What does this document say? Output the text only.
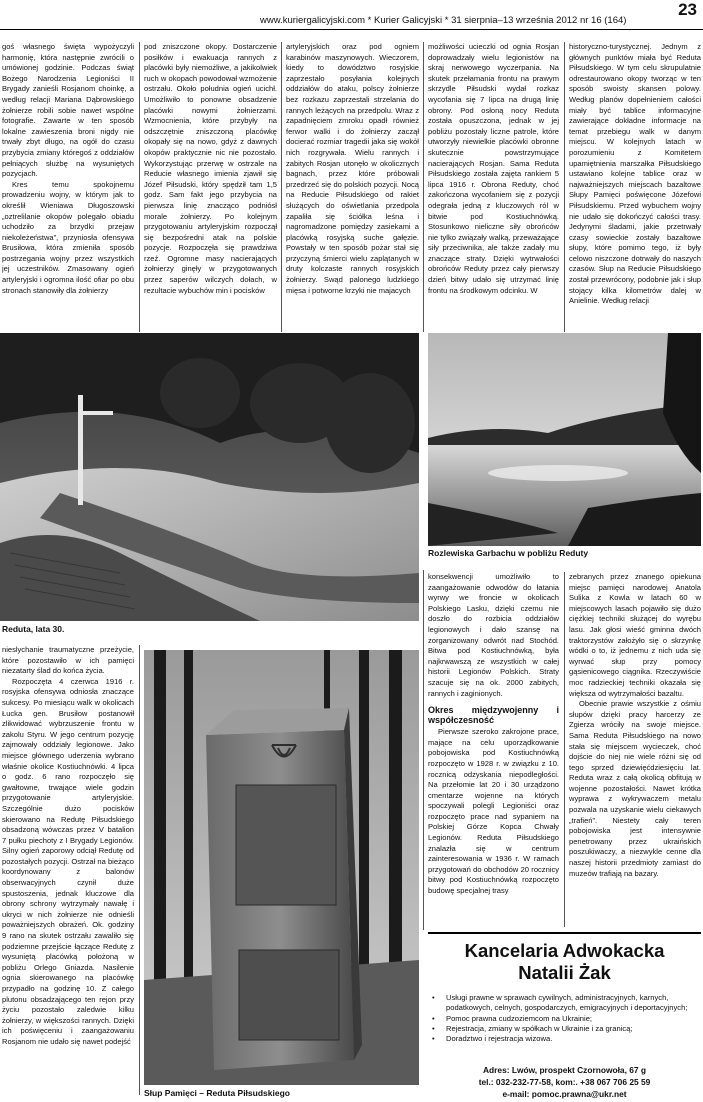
23
www.kuriergalicyjski.com * Kurier Galicyjski * 31 sierpnia–13 września 2012 nr 16 (164)

goś własnego święta wypożyczyli harmonię, która następnie zwrócili o umówionej godzinie. Podczas świąt Bożego Narodzenia Legioniści II Brygady zanieśli Rosjanom choinkę, a według relacji Mariana Dąbrowskiego żołnierze robili sobie nawet wspólne fotografie. Zawarte w ten sposób lokalne zawieszenia broni nigdy nie trwały zbyt długo, na ogół do czasu przybycia zmiany któregoś z oddziałów pełniących służbę na wysuniętych pozycjach.

Kres temu spokojnemu prowadzeniu wojny, w którym jak to określił Wieniawa Długoszowski „oztrelilanie okopów polegało obiadu uchodziło za brzydki przejaw niekoleżeństwa”, przyniosła ofensywa Brusiłowa, która zmieniła sposób postrzegania wojny przez wszystkich jej uczestników. Zmasowany ogień artyleryjski i ogromna ilość ofiar po obu stronach stanowiły dla żołnierzy

pod zniszczone okopy. Dostarczenie posiłków i ewakuacja rannych z placówki były niemożliwe, a jakikolwiek ruch w okopach powodował wzmożenie ostrzału. Około południa ogień ucichł. Umożliwiło to ponowne obsadzenie placówki nowymi żołnierzami. Wzmocnienia, które przybyły na odszczętnie zniszczoną placówkę okopały się na nowo, gdyż z dawnych okopów praktycznie nic nie pozostało. Wykorzystując przerwę w ostrzale na Reducie własnego imienia zjawił się Józef Piłsudski, który spędził tam 1,5 godz. Sam fakt jego przybycia na pierwsza linię znacząco podniósł morale żołnierzy. Po kolejnym przygotowaniu artyleryjskim rozpoczął się bezpośredni atak na polskie pozycje. Rozpoczęła się prawdziwa rzeź. Ogromne masy nacierających żołnierzy ginęły w przygotowanych przez saperów wilczych dołach, w rezultacie wybuchów min i pocisków

artyleryjskich oraz pod ogniem karabinów maszynowych. Wieczorem, kiedy to dowództwo rosyjskie zaprzestało posyłania kolejnych oddziałów do ataku, polscy żołnierze bez rozkazu zaprzestali strzelania do rannych leżących na przedpolu. Wraz z zapadnięciem zmroku opadł również ferwor walki i do żołnierzy zaczął docierać rozmiar tragedii jaka się wokół nich rozgrywała. Wielu rannych i zabitych Rosjan utonęło w okolicznych bagnach, przez które próbowali przedrzeć się do polskich pozycji. Nocą na Reducie Piłsudskiego od rakiet służących do oświetlania przedpola zapaliła się ściółka leśna i nagromadzone pomiędzy zasiekami a placówką rosyjską suche gałęzie. Powstały w ten sposób pożar stał się przyczyną śmierci wielu zaplątanych w druty kolczaste rannych rosyjskich żołnierzy. Swąd palonego ludzkiego mięsa i potworne krzyki nie majacych

możliwości ucieczki od ognia Rosjan doprowadzały wielu legionistów na skraj nerwowego wyczerpania. Na skutek przełamania frontu na prawym skrzydle Piłsudski wydał rozkaz wycofania się 7 lipca na drugą linię obrony. Pod osłoną nocy Reduta została opuszczona, jednak w jej pobliżu pozostały liczne patrole, które utworzyły niewielkie placówki obronne skutecznie powstrzymujące nacierających Rosjan. Sama Reduta Piłsudskiego została zajęta rankiem 5 lipca 1916 r. Obrona Reduty, choć zakończona wycofaniem się z pozycji odegrała jedną z kluczowych ról w bitwie pod Kostiuchnówką. Stosunkowo nieliczne siły obrońców nie tylko związały walką, przeważające siły przeciwnika, ale także zadały mu znaczące straty. Dzięki wytrwałości obrońców Reduty przez cały pierwszy dzień bitwy udało się utrzymać linię frontu na środkowym odcinku. W

historyczno-turystycznej. Jednym z głównych punktów miała być Reduta Piłsudskiego. W tym celu skrupulatnie odrestaurowano okopy tworząc w ten sposób swoisty skansen polowy. Według planów dopełnieniem całości miały być tablice informacyjne zawierające dokładne informacje na temat przebiegu walk w danym miejscu. W kolejnych latach w porozumieniu z Komitetem upamiętnienia marszałka Piłsudskiego ustawiano kolejne tablice oraz w najważniejszych miejscach bazaltowe Słupy Pamięci poświęcone Józefowi Piłsudskiemu. Przed wybuchem wojny nie udało się dokończyć całości trasy. Jedynymi śladami, jakie przetrwały czasy sowieckie zostały bazaltowe słupy, które pomimo tego, iż były celowo niszczone dotrwały do naszych czasów. Słup na Reducie Piłsudskiego został przewrócony, podobnie jak i słup stojący kilka kilometrów dalej w Anielinie. Według relacji

Reduta, lata 30.
Rozlewiska Garbachu w pobliżu Reduty

nieslychanie traumatyczne przeżycie, które pozostawiło w ich pamięci niezatarty ślad do końca życia.

Rozpoczęta 4 czerwca 1916 r. rosyjska ofensywa odniosła znaczące sukcesy. Po miesiącu walk w okolicach Łucka gen. Brusiłow postanowił zlikwidować wybrzuszenie frontu w zakolu Styru. W jego centrum pozycję zajmowały oddziały legionowe. Jako miejsce głównego uderzenia wybrano właśnie okolice Kostiuchnówki. 4 lipca o godz. 6 rano rozpoczęło się gwałtowne, trwające wiele godzin przygotowanie artyleryjskie. Szczególnie dużo pocisków skierowano na Redutę Piłsudskiego obsadzoną wówczas przez V batalion 7 pułku piechoty z I Brygady Legionów. Silny ogień zaporowy odciął Redutę od pozostałych pozycji. Ostrzał na bieżąco koordynowany z balonów obserwacyjnych czynił duże spustoszenia, jednak kluczowe dla obrony schrony wytrzymały nawałę i ukryci w nich żołnierze nie odnieśli poważniejszych obrażeń. Ok. godziny 9 rano na skutek ostrzału zawaliło się podziemne przejście łączące Redutę z wysuniętą placówką położoną w pobliżu Orlego Gniazda. Nasilenie ognia skierowanego na placówkę przypadło na godzinę 10. Z całego plutonu obsadzającego ten rejon przy życiu pozostało zaledwie kilku żołnierzy, w większości rannych. Dzięki ich poświęceniu i zaangażowaniu Rosjanom nie udało się nawet podejść

Słup Pamięci – Reduta Piłsudskiego

konsekwencji umożliwiło to zaangażowanie odwodów do łatania wyrwy we froncie w okolicach Polskiego Lasku, dzięki czemu nie doszło do rozbicia oddziałów legionowych i dało szansę na zorganizowany odwrót nad Stochód. Bitwa pod Kostiuchnówką, była najkrwawszą ze wszystkich w całej historii Legionów Polskich. Straty szacuje się na ok. 2000 zabitych, rannych i zaginionych.

Okres międzywojenny i współczesność

Pierwsze szeroko zakrojone prace, mające na celu uporządkowanie pobojowiska pod Kostiuchnówką rozpoczęto w 1928 r. w związku z 10. rocznicą odzyskania niepodległości. Na przełomie lat 20 i 30 urządzono cmentarze wojenne na których spoczywali polegli Legioniści oraz rozpoczęto prace nad sypaniem na Polskiej Górze Kopca Chwały Legionów. Reduta Piłsudskiego znalazła się w centrum zainteresowania w 1936 r. W ramach przygotowań do obchodów 20 rocznicy bitwy pod Kostiuchnówką rozpoczęto budowę specjalnej trasy

zebranych przez znanego opiekuna miejsc pamięci narodowej Anatola Sulika z Kowla w latach 60 w miejscowych lasach pojawiło się dużo ciężkiej techniki służącej do wyrębu lasu. Jak głosi wieść gminna dwóch traktorzystów założyło się o skrzynkę wódki o to, iż jednemu z nich uda się wyrwać słup przy pomocy gąsienicowego ciągnika. Rzeczywiście moc radzieckiej techniki okazała się większa od wytrzymałości bazaltu.

Obecnie prawie wszystkie z ośmiu słupów dzięki pracy harcerzy ze Zgierza wróciły na swoje miejsce. Sama Reduta Piłsudskiego na nowo stała się miejscem wycieczek, choć dojście do niej nie wiele różni się od tego sprzed dziewięćdziesięciu lat. Reduta wraz z całą okolicą obfitują w wojenne pozostałości. Nawet krótka wyprawa z wykrywaczem metalu pozwala na uzyskanie wielu ciekawych „trafień”. Niestety cały teren pobojowiska jest intensywnie penetrowany przez ukraińskich poszukiwaczy, a niezwykle cenne dla naszej historii przedmioty zamiast do muzeów trafiają na bazary.

Kancelaria Adwokacka
Natalii Żak
• Usługi prawne w sprawach cywilnych, administracyjnych, karnych, podatkowych, celnych, gospodarczych, emigracyjnych i deportacyjnych;
• Pomoc prawna cudzoziemcom na Ukrainie;
• Rejestracja, zmiany w spółkach w Ukrainie i za granicą;
• Doradztwo i rejestracja wizowa.
Adres: Lwów, prospekt Czornowoła, 67 g
tel.: 032-232-77-58, kom:. +38 067 706 25 59
e-mail: pomoc.prawna@ukr.net
